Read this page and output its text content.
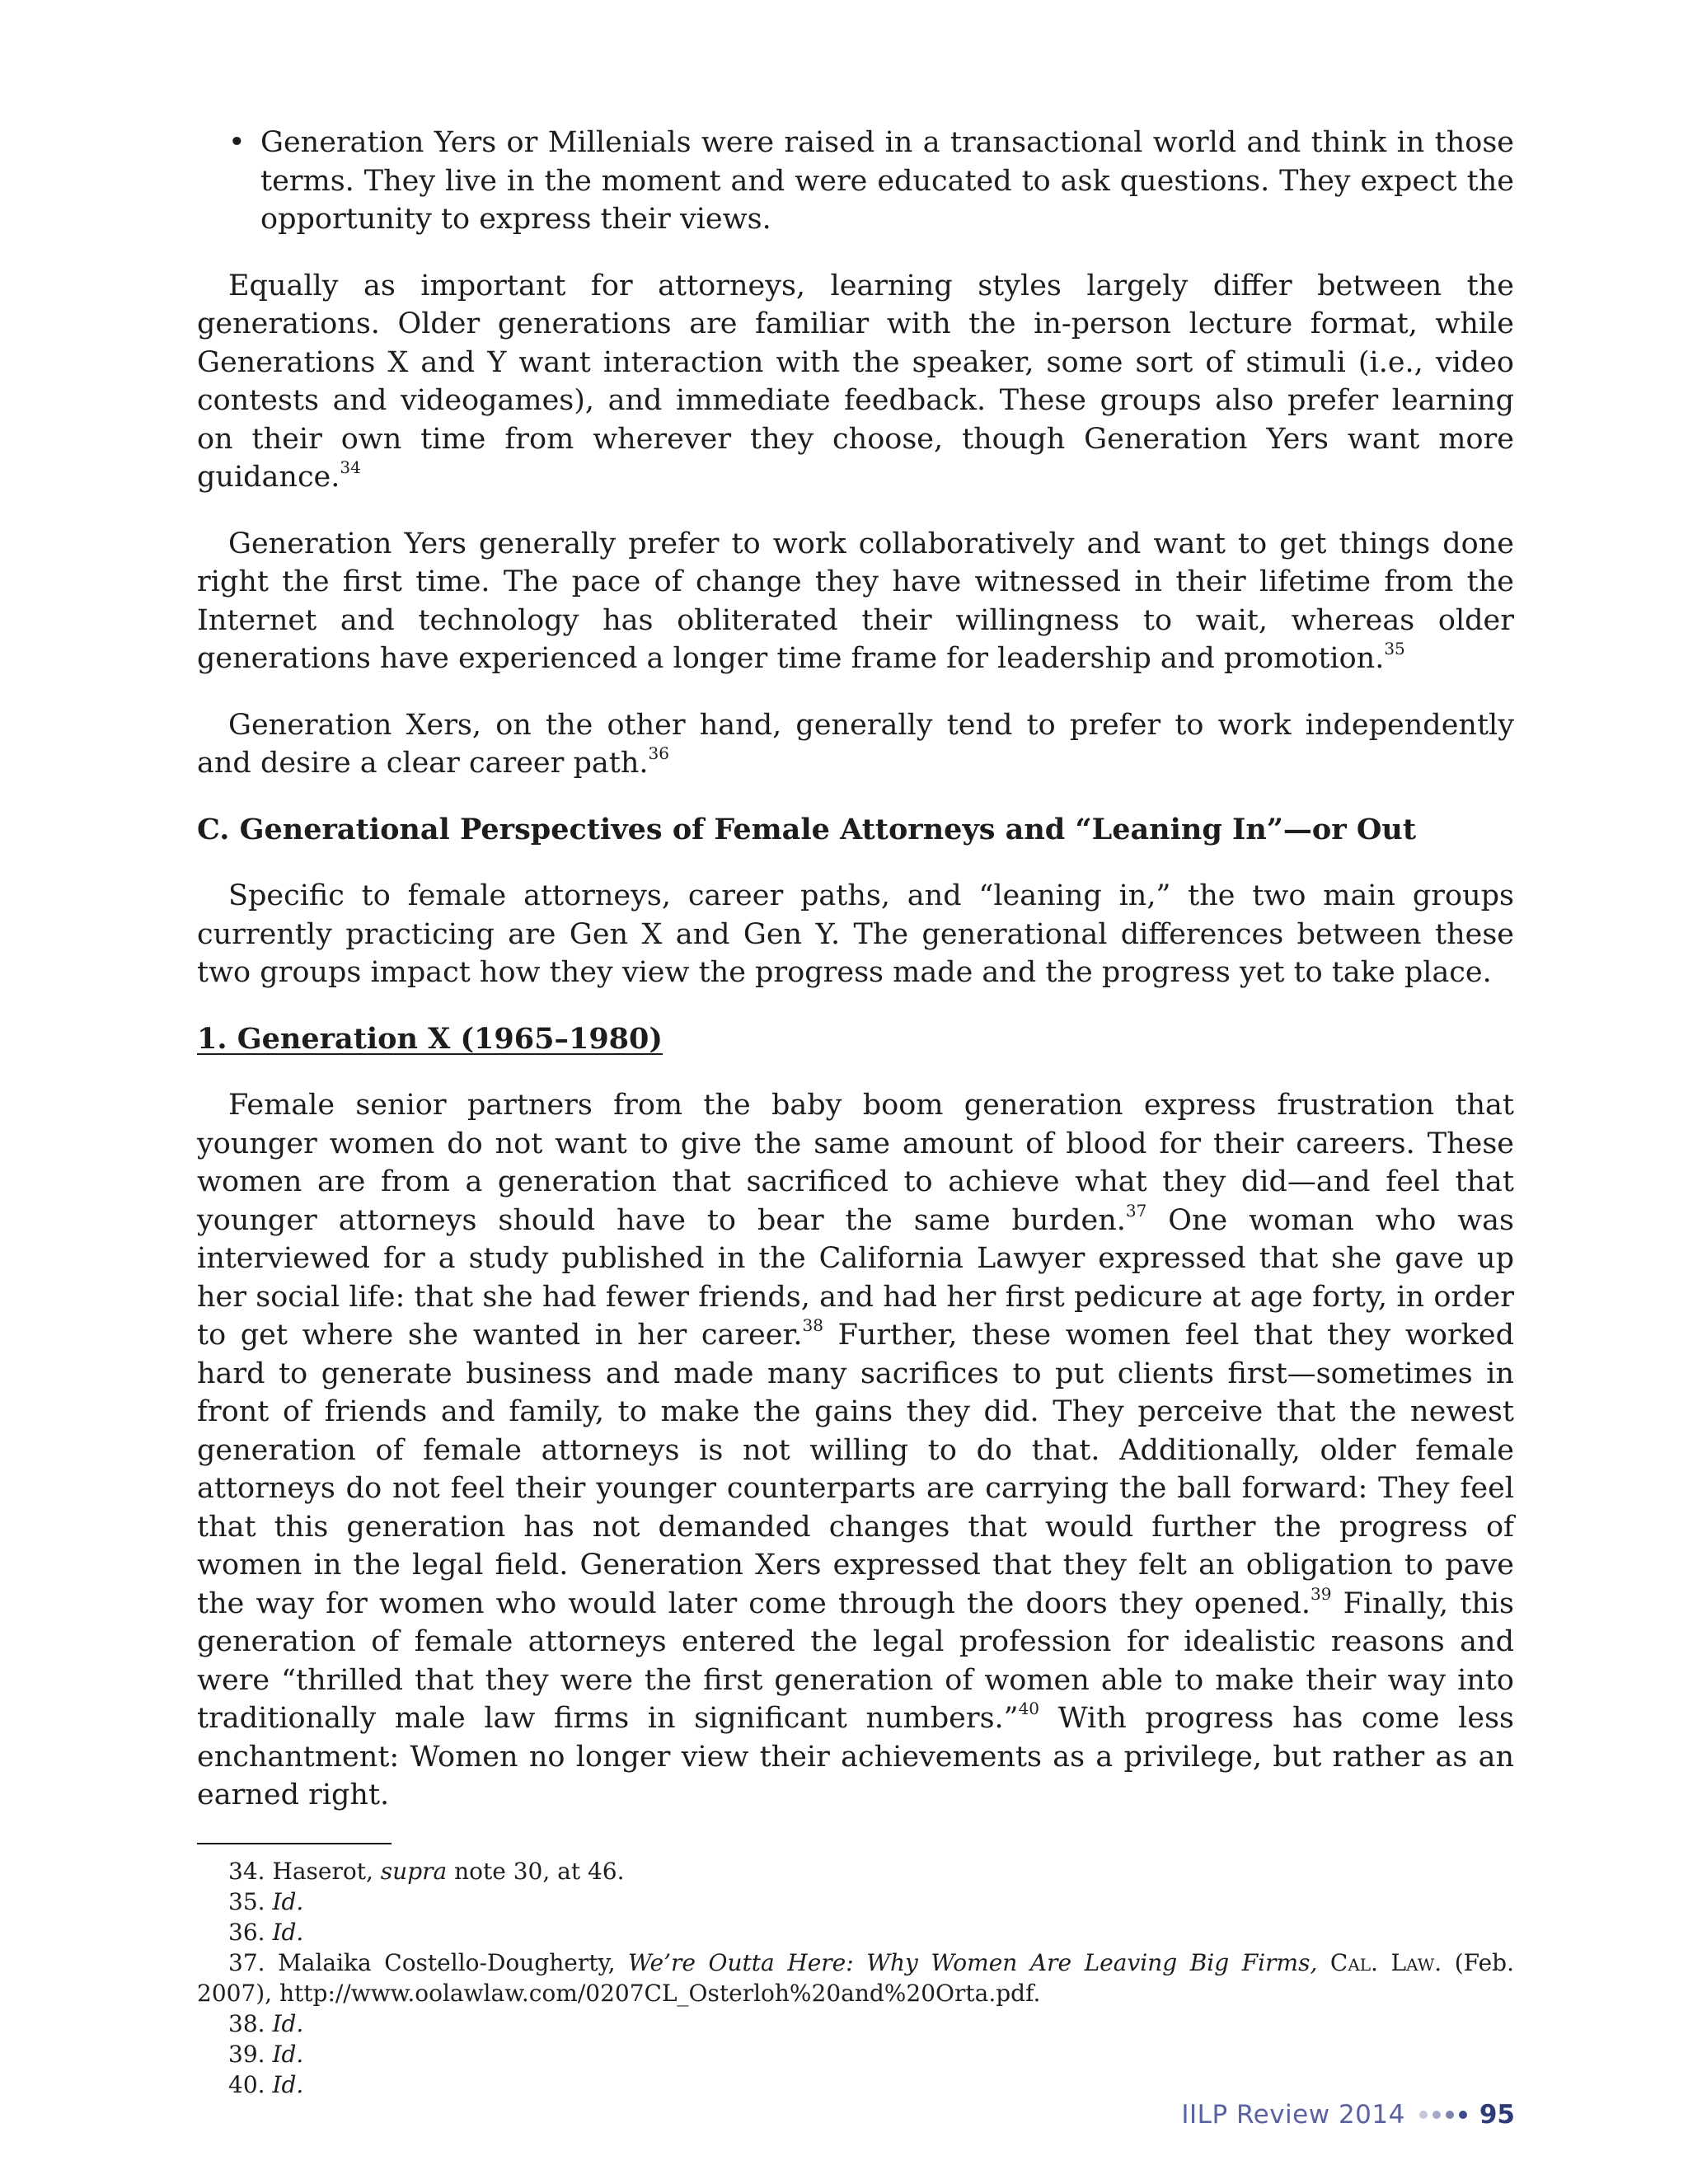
• Generation Yers or Millenials were raised in a transactional world and think in those terms. They live in the moment and were educated to ask questions. They expect the opportunity to express their views.

Equally as important for attorneys, learning styles largely differ between the generations. Older generations are familiar with the in-person lecture format, while Generations X and Y want interaction with the speaker, some sort of stimuli (i.e., video contests and videogames), and immediate feedback. These groups also prefer learning on their own time from wherever they choose, though Generation Yers want more guidance.$^{34}$

Generation Yers generally prefer to work collaboratively and want to get things done right the first time. The pace of change they have witnessed in their lifetime from the Internet and technology has obliterated their willingness to wait, whereas older generations have experienced a longer time frame for leadership and promotion.$^{35}$

Generation Xers, on the other hand, generally tend to prefer to work independently and desire a clear career path.$^{36}$

C. Generational Perspectives of Female Attorneys and “Leaning In”—or Out

Specific to female attorneys, career paths, and “leaning in,” the two main groups currently practicing are Gen X and Gen Y. The generational differences between these two groups impact how they view the progress made and the progress yet to take place.

1. Generation X (1965–1980)

Female senior partners from the baby boom generation express frustration that younger women do not want to give the same amount of blood for their careers. These women are from a generation that sacrificed to achieve what they did—and feel that younger attorneys should have to bear the same burden.$^{37}$ One woman who was interviewed for a study published in the California Lawyer expressed that she gave up her social life: that she had fewer friends, and had her first pedicure at age forty, in order to get where she wanted in her career.$^{38}$ Further, these women feel that they worked hard to generate business and made many sacrifices to put clients first—sometimes in front of friends and family, to make the gains they did. They perceive that the newest generation of female attorneys is not willing to do that. Additionally, older female attorneys do not feel their younger counterparts are carrying the ball forward: They feel that this generation has not demanded changes that would further the progress of women in the legal field. Generation Xers expressed that they felt an obligation to pave the way for women who would later come through the doors they opened.$^{39}$ Finally, this generation of female attorneys entered the legal profession for idealistic reasons and were “thrilled that they were the first generation of women able to make their way into traditionally male law firms in significant numbers.”$^{40}$ With progress has come less enchantment: Women no longer view their achievements as a privilege, but rather as an earned right.

34. Haserot, supra note 30, at 46.
35. Id.
36. Id.
37. Malaika Costello-Dougherty, We’re Outta Here: Why Women Are Leaving Big Firms, Cal. Law. (Feb. 2007), http://www.oolawlaw.com/0207CL_Osterloh%20and%20Orta.pdf.
38. Id.
39. Id.
40. Id.
IILP Review 2014	95
